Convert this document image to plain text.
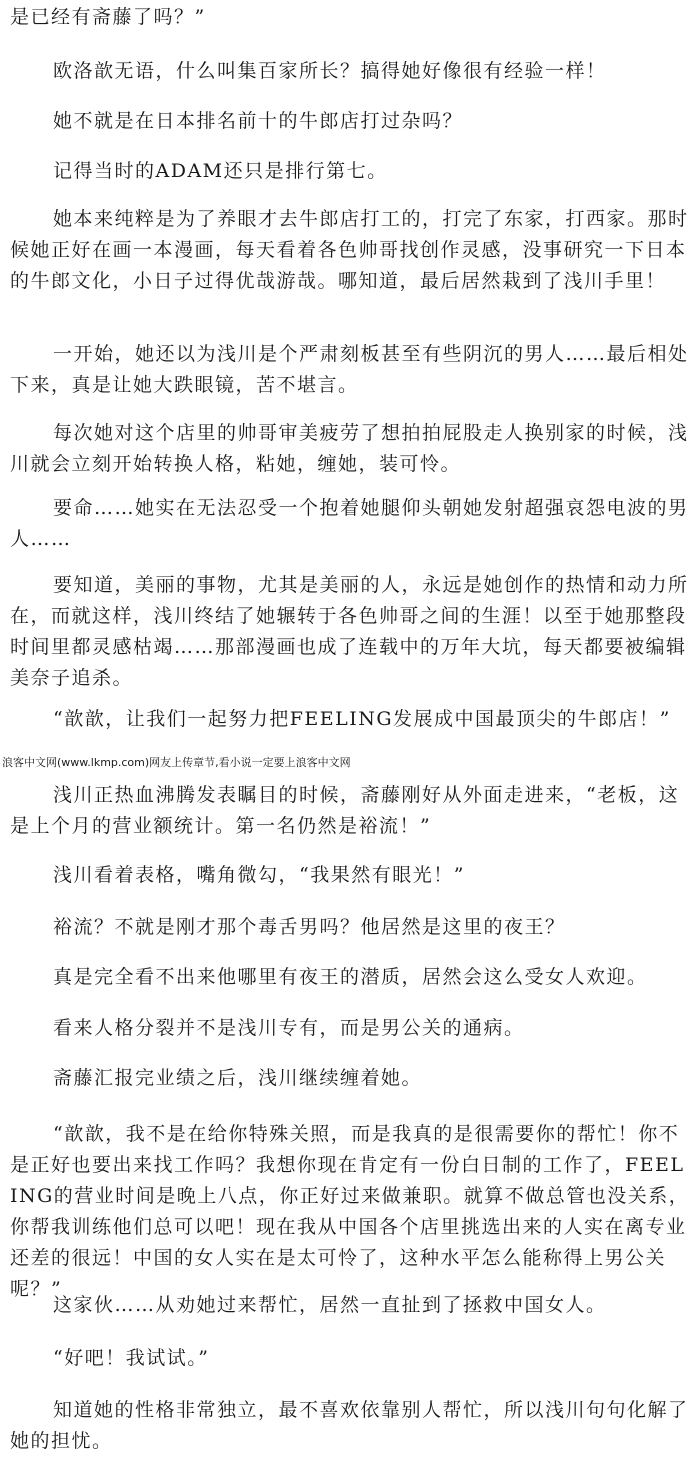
是已经有斋藤了吗？”

欧洛歆无语，什么叫集百家所长？搞得她好像很有经验一样！

她不就是在日本排名前十的牛郎店打过杂吗？

记得当时的ADAM还只是排行第七。

她本来纯粹是为了养眼才去牛郎店打工的，打完了东家，打西家。那时候她正好在画一本漫画，每天看着各色帅哥找创作灵感，没事研究一下日本的牛郎文化，小日子过得优哉游哉。哪知道，最后居然栽到了浅川手里！

一开始，她还以为浅川是个严肃刻板甚至有些阴沉的男人……最后相处下来，真是让她大跌眼镜，苦不堪言。

每次她对这个店里的帅哥审美疲劳了想拍拍屁股走人换别家的时候，浅川就会立刻开始转换人格，粘她，缠她，装可怜。

要命……她实在无法忍受一个抱着她腿仰头朝她发射超强哀怨电波的男人……

要知道，美丽的事物，尤其是美丽的人，永远是她创作的热情和动力所在，而就这样，浅川终结了她辗转于各色帅哥之间的生涯！以至于她那整段时间里都灵感枯竭……那部漫画也成了连载中的万年大坑，每天都要被编辑美奈子追杀。

“歆歆，让我们一起努力把FEELING发展成中国最顶尖的牛郎店！”

浪客中文网(www.lkmp.com)网友上传章节,看小说一定要上浪客中文网

浅川正热血沸腾发表瞩目的时候，斋藤刚好从外面走进来，“老板，这是上个月的营业额统计。第一名仍然是裕流！”

浅川看着表格，嘴角微勾，“我果然有眼光！”

裕流？不就是刚才那个毒舌男吗？他居然是这里的夜王？

真是完全看不出来他哪里有夜王的潜质，居然会这么受女人欢迎。

看来人格分裂并不是浅川专有，而是男公关的通病。

斋藤汇报完业绩之后，浅川继续缠着她。

“歆歆，我不是在给你特殊关照，而是我真的是很需要你的帮忙！你不是正好也要出来找工作吗？我想你现在肯定有一份白日制的工作了，FEELING的营业时间是晚上八点，你正好过来做兼职。就算不做总管也没关系，你帮我训练他们总可以吧！现在我从中国各个店里挑选出来的人实在离专业还差的很远！中国的女人实在是太可怜了，这种水平怎么能称得上男公关呢？”

这家伙……从劝她过来帮忙，居然一直扯到了拯救中国女人。

“好吧！我试试。”

知道她的性格非常独立，最不喜欢依靠别人帮忙，所以浅川句句化解了她的担忧。
